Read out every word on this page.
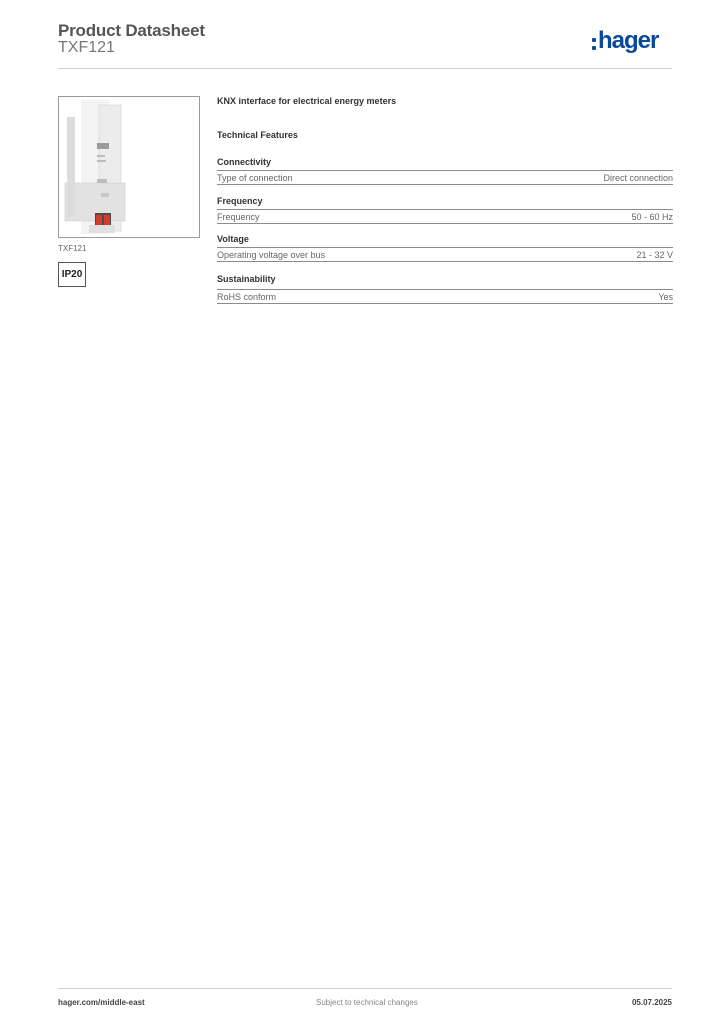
Product Datasheet
TXF121	hager
TXF121
IP20
KNX interface for electrical energy meters
Technical Features
Connectivity
Type of connection	Direct connection
Frequency
Frequency	50 - 60 Hz
Voltage
Operating voltage over bus	21 - 32 V
Sustainability
RoHS conform	Yes
hager.com/middle-east	Subject to technical changes	05.07.2025
